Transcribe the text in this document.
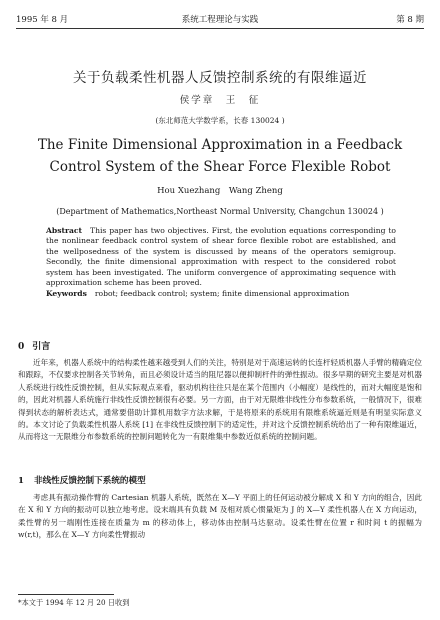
1995 年 8 月	系统工程理论与实践	第 8 期
关于负载柔性机器人反馈控制系统的有限维逼近
侯学章　王　征
(东北师范大学数学系，长春 130024 )
The Finite Dimensional Approximation in a Feedback Control System of the Shear Force Flexible Robot
Hou Xuezhang　Wang Zheng
(Department of Mathematics,Northeast Normal University, Changchun 130024 )
Abstract This paper has two objectives. First, the evolution equations corresponding to the nonlinear feedback control system of shear force flexible robot are established, and the wellposedness of the system is discussed by means of the operators semigroup. Secondly, the finite dimensional approximation with respect to the considered robot system has been investigated. The uniform convergence of approximating sequence with approximation scheme has been proved.
Keywords robot; feedback control; system; finite dimensional approximation
0 引言
近年来，机器人系统中的结构柔性越来越受到人们的关注，特别是对于高速运转的长连杆轻质机器人手臂的精确定位和跟踪，不仅要求控制各关节转角，而且必须设计适当的阻尼器以便抑制杆件的弹性振动。很多早期的研究主要是对机器人系统进行线性反馈控制，但从实际观点来看，驱动机构往往只是在某个范围内（小幅度）是线性的，而对大幅度是饱和的，因此对机器人系统施行非线性反馈控制很有必要。另一方面，由于对无限维非线性分布参数系统，一般情况下，很难得到状态的解析表达式，通常要借助计算机用数字方法求解，于是将原来的系统用有限维系统逼近则是有明显实际意义的。本文讨论了负载柔性机器人系统 [1] 在非线性反馈控制下的适定性，并对这个反馈控制系统给出了一种有限维逼近，从而将这一无限维分布参数系统的控制问题转化为一有限维集中参数近似系统的控制问题。
1 非线性反馈控制下系统的模型
考虑具有振动操作臂的 Cartesian 机器人系统，既然在 X—Y 平面上的任何运动被分解成 X 和 Y 方向的组合，因此在 X 和 Y 方向的振动可以独立地考虑。设末端具有负载 M 及相对质心惯量矩为 J 的 X—Y 柔性机器人在 X 方向运动，柔性臂的另一端刚性连接在质量为 m 的移动体上，移动体由控制马达驱动。设柔性臂在位置 r 和时间 t 的振幅为 w(r,t)，那么在 X—Y 方向柔性臂振动
*本文于 1994 年 12 月 20 日收到
